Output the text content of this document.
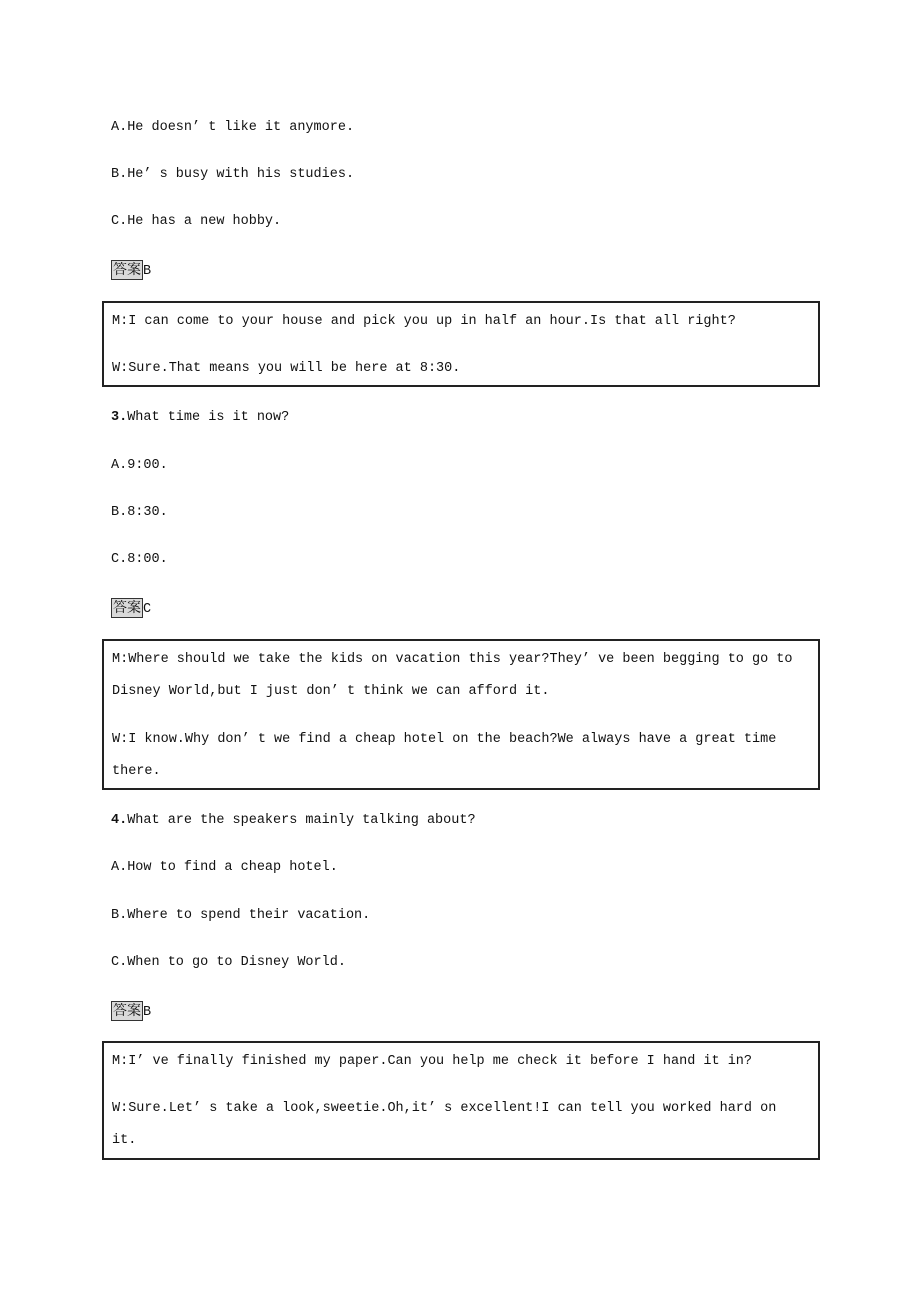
A.He doesn’ t like it anymore.
B.He’ s busy with his studies.
C.He has a new hobby.
答案 B
M:I can come to your house and pick you up in half an hour.Is that all right?
W:Sure.That means you will be here at 8:30.
3.What time is it now?
A.9:00.
B.8:30.
C.8:00.
答案 C
M:Where should we take the kids on vacation this year?They’ ve been begging to go to
Disney World,but I just don’ t think we can afford it.
W:I know.Why don’ t we find a cheap hotel on the beach?We always have a great time
there.
4.What are the speakers mainly talking about?
A.How to find a cheap hotel.
B.Where to spend their vacation.
C.When to go to Disney World.
答案 B
M:I’ ve finally finished my paper.Can you help me check it before I hand it in?
W:Sure.Let’ s take a look,sweetie.Oh,it’ s excellent!I can tell you worked hard on
it.
